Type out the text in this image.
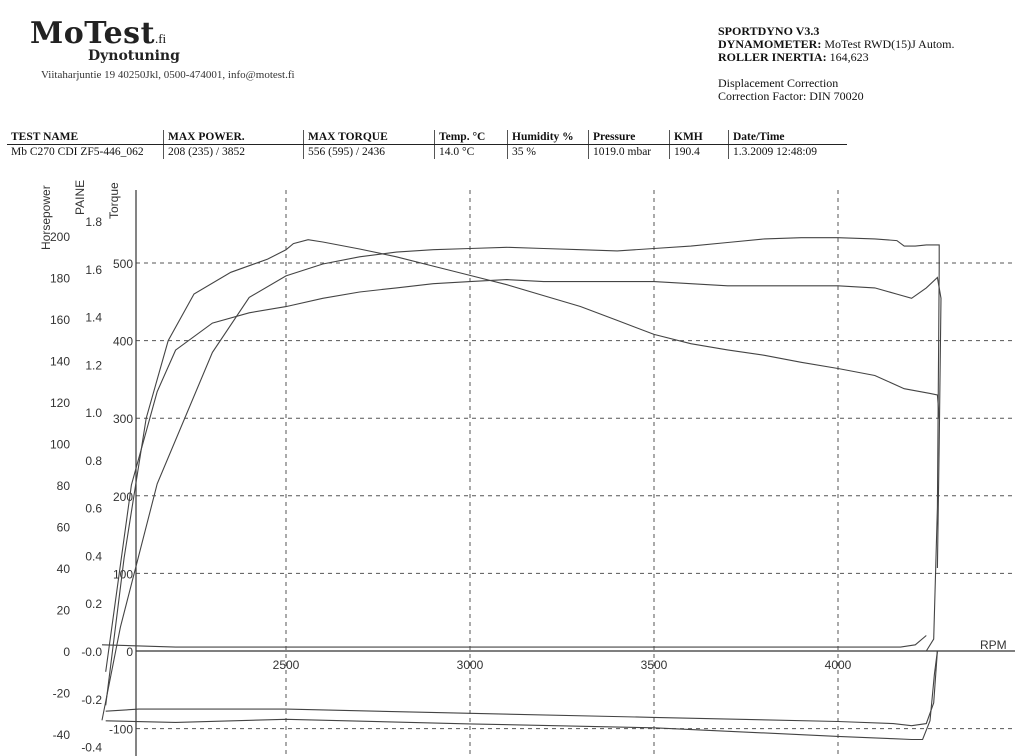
MoTest.fi
Dynotuning
Viitaharjuntie 19 40250Jkl, 0500-474001, info@motest.fi
SPORTDYNO V3.3
DYNAMOMETER: MoTest RWD(15)J Autom.
ROLLER INERTIA: 164,623
Displacement Correction
Correction Factor: DIN 70020
TEST NAME	MAX POWER.	MAX TORQUE	Temp. °C	Humidity %	Pressure	KMH	Date/Time
Mb C270 CDI ZF5-446_062	208 (235) / 3852	556 (595) / 2436	14.0 °C	35 %	1019.0 mbar	190.4	1.3.2009 12:48:09
2500	3000	3500	4000
RPM
-40
-20
0
20
40
60
80
100
120
140
160
180
200
-0.4
-0.2
-0.0
0.2
0.4
0.6
0.8
1.0
1.2
1.4
1.6
1.8
-100
0
100
200
300
400
500
Horsepower PAINE Torque
